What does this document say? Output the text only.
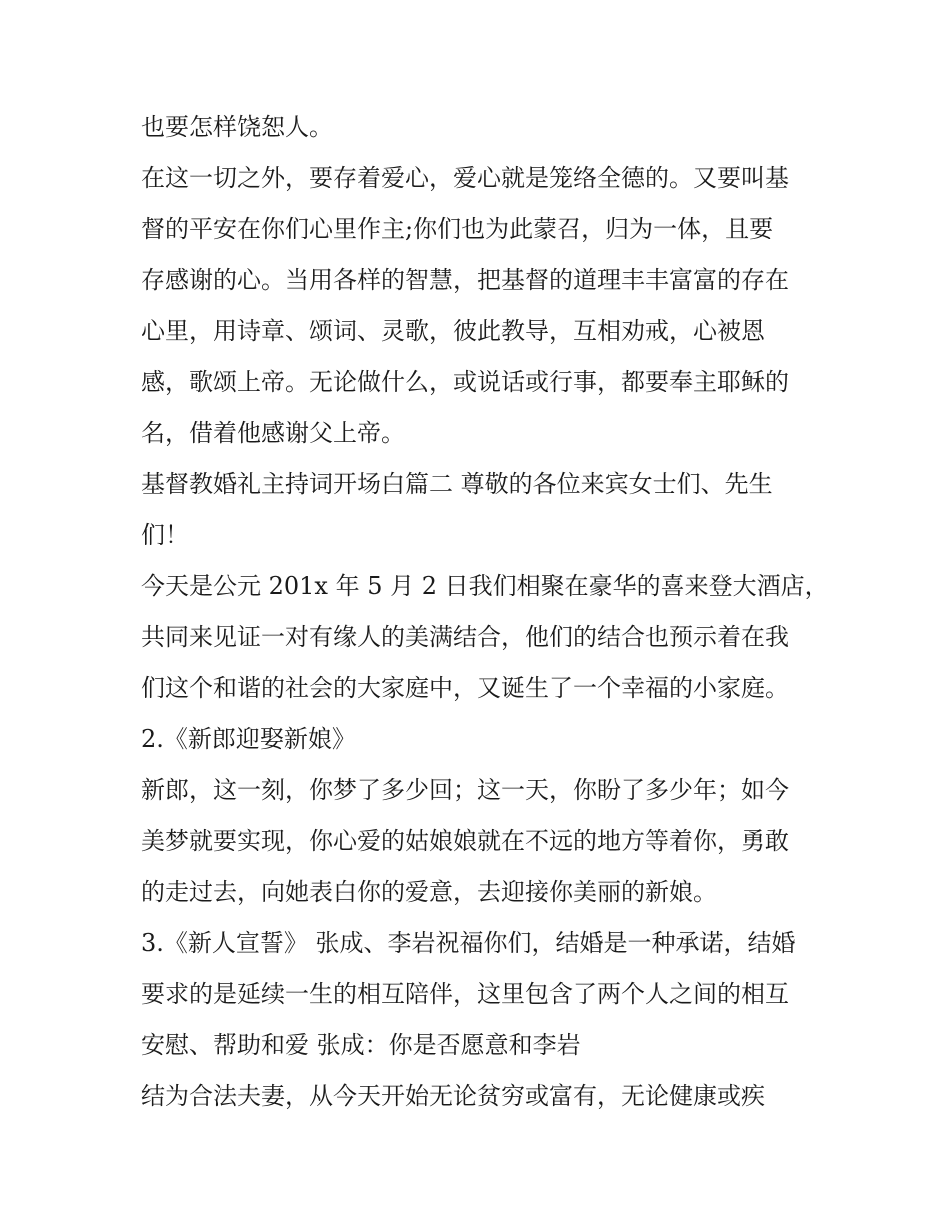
也要怎样饶恕人。
在这一切之外，要存着爱心，爱心就是笼络全德的。又要叫基
督的平安在你们心里作主;你们也为此蒙召，归为一体，且要
存感谢的心。当用各样的智慧，把基督的道理丰丰富富的存在
心里，用诗章、颂词、灵歌，彼此教导，互相劝戒，心被恩
感，歌颂上帝。无论做什么，或说话或行事，都要奉主耶稣的
名，借着他感谢父上帝。
基督教婚礼主持词开场白篇二 尊敬的各位来宾女士们、先生
们！
今天是公元 201x 年 5 月 2 日我们相聚在豪华的喜来登大酒店，
共同来见证一对有缘人的美满结合，他们的结合也预示着在我
们这个和谐的社会的大家庭中，又诞生了一个幸福的小家庭。
2.《新郎迎娶新娘》
新郎，这一刻，你梦了多少回；这一天，你盼了多少年；如今
美梦就要实现，你心爱的姑娘娘就在不远的地方等着你，勇敢
的走过去，向她表白你的爱意，去迎接你美丽的新娘。
3.《新人宣誓》 张成、李岩祝福你们，结婚是一种承诺，结婚
要求的是延续一生的相互陪伴，这里包含了两个人之间的相互
安慰、帮助和爱 张成：你是否愿意和李岩
结为合法夫妻，从今天开始无论贫穷或富有，无论健康或疾
